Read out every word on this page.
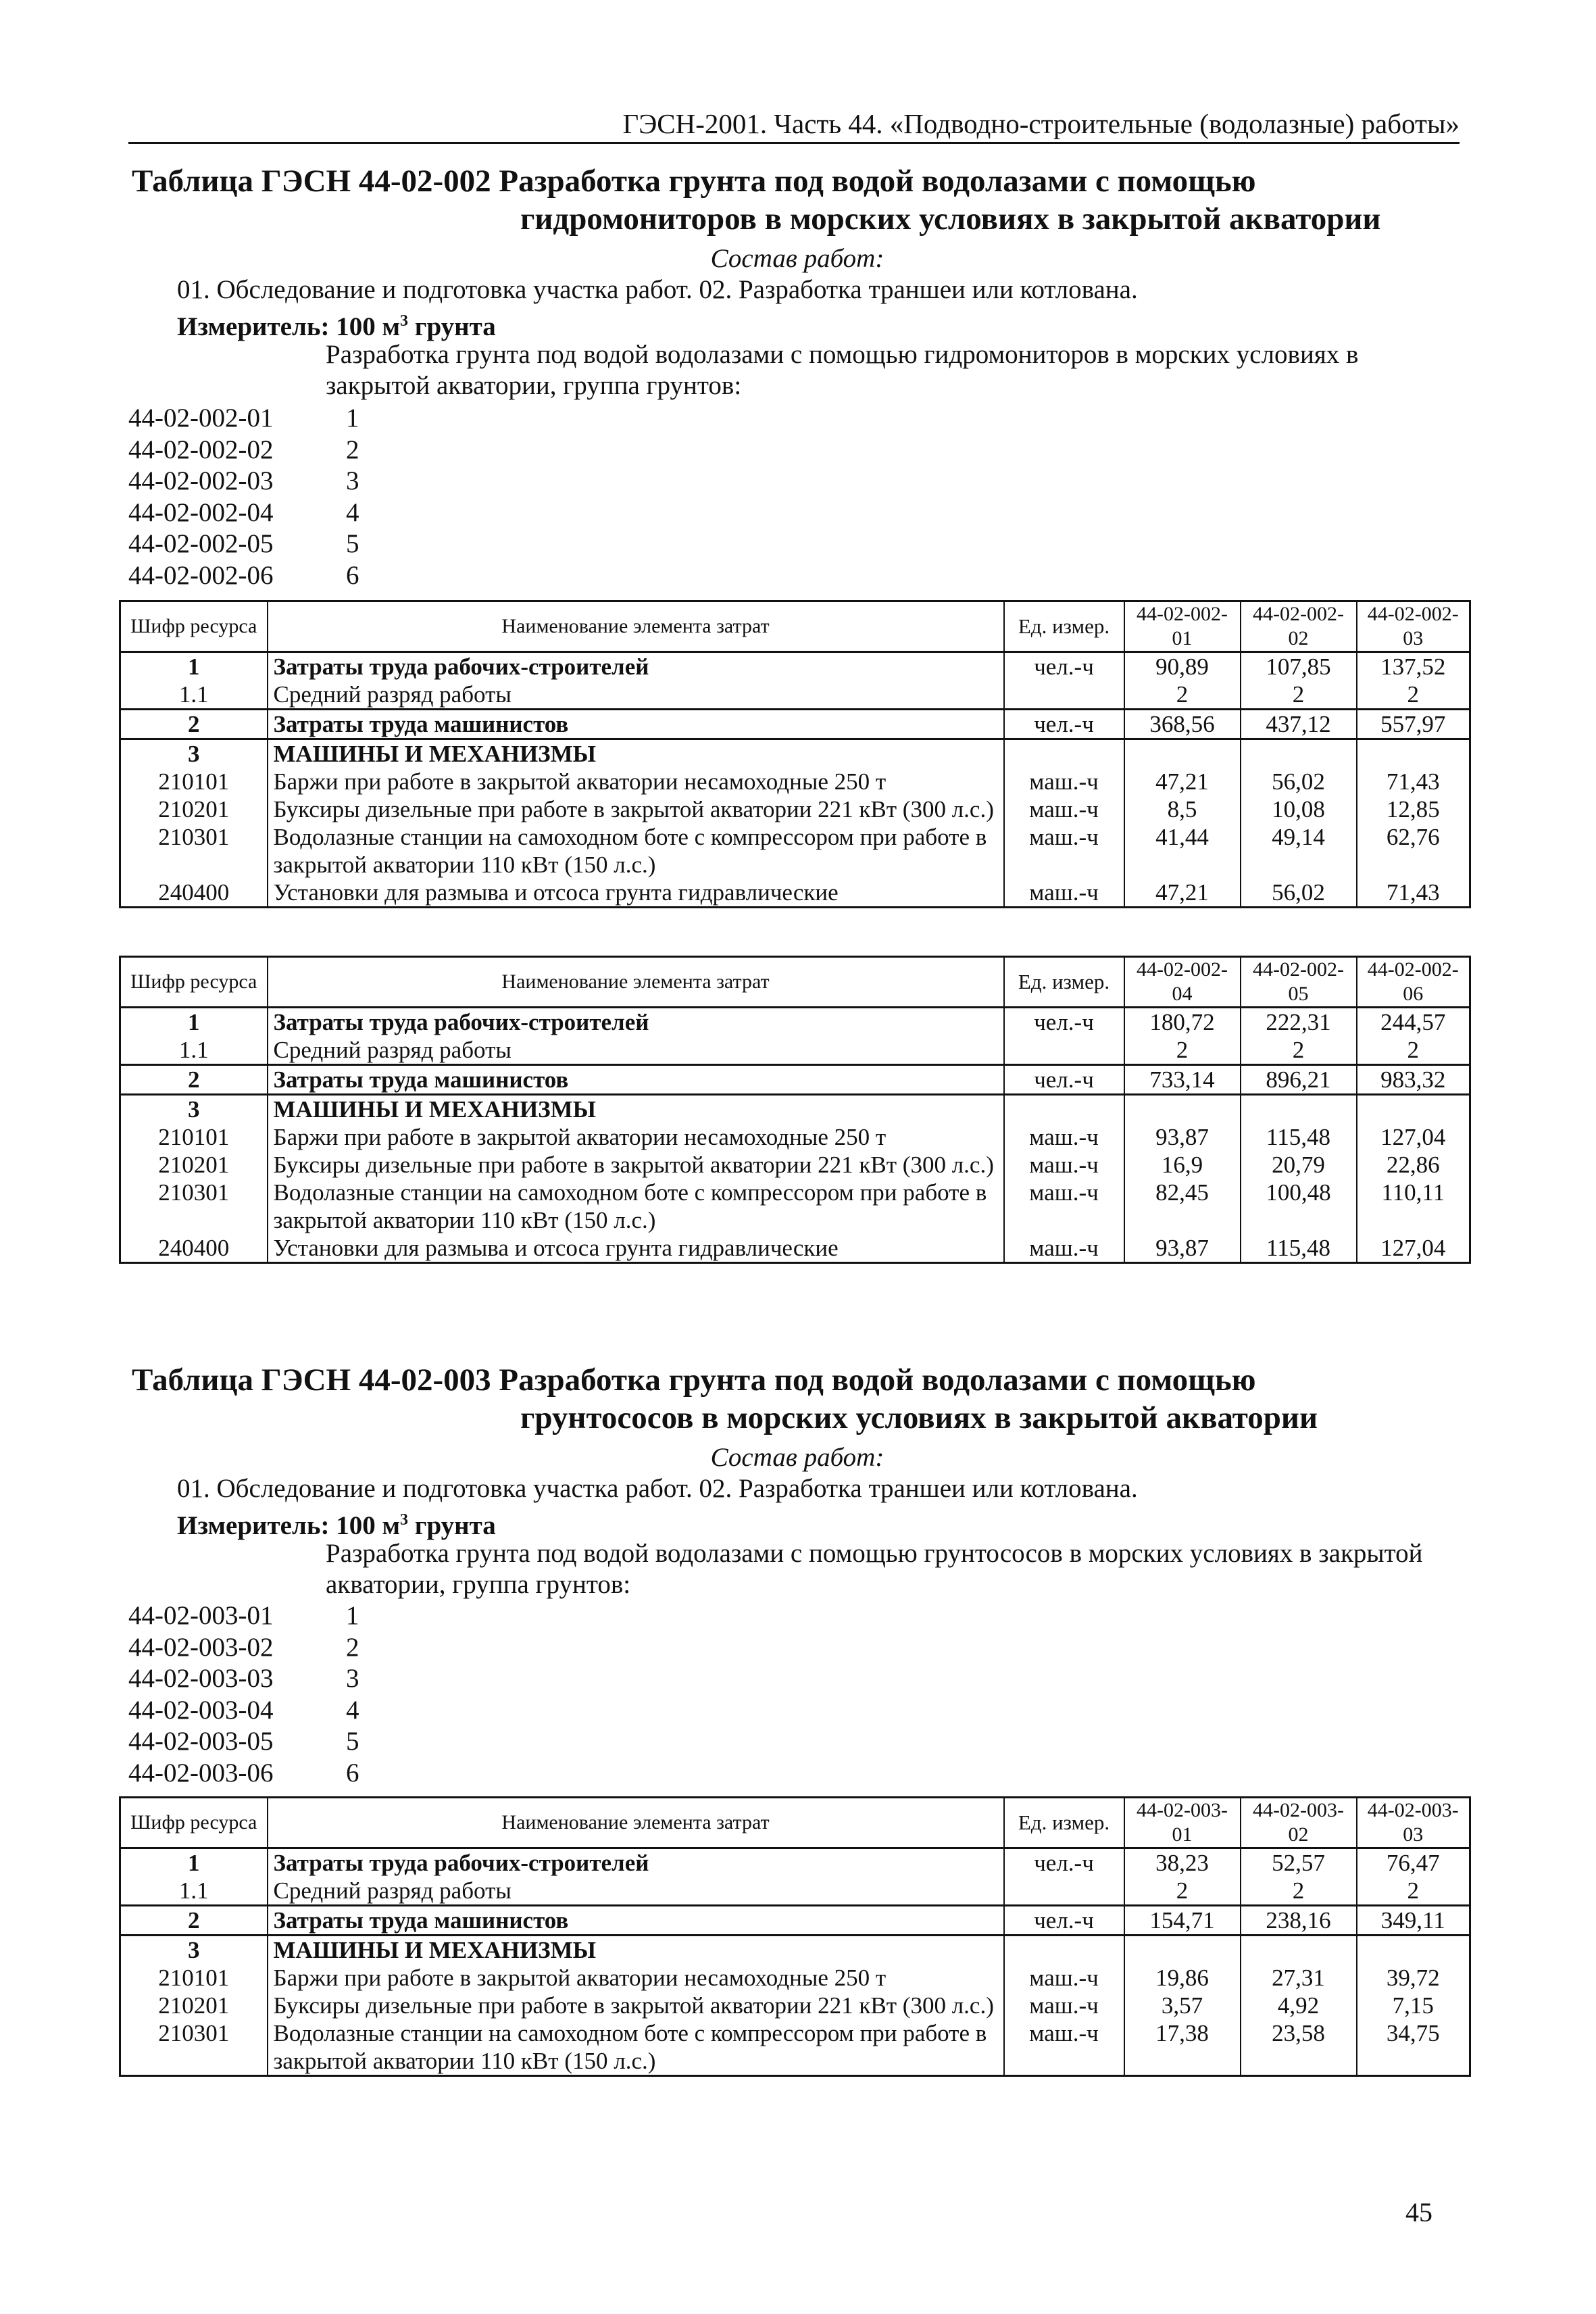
ГЭСН-2001. Часть 44. «Подводно-строительные (водолазные) работы»
Таблица ГЭСН 44-02-002 Разработка грунта под водой водолазами с помощью
гидромониторов в морских условиях в закрытой акватории
Состав работ:
01. Обследование и подготовка участка работ. 02. Разработка траншеи или котлована.
Измеритель: 100 $м^3$ грунта
Разработка грунта под водой водолазами с помощью гидромониторов в морских условиях в закрытой акватории, группа грунтов:
44-02-002-01	1
44-02-002-02	2
44-02-002-03	3
44-02-002-04	4
44-02-002-05	5
44-02-002-06	6
Шифр ресурса	Наименование элемента затрат	Ед. измер.	44-02-002-01	44-02-002-02	44-02-002-03
1	Затраты труда рабочих-строителей	чел.-ч	90,89	107,85	137,52
1.1	Средний разряд работы		2	2	2
2	Затраты труда машинистов	чел.-ч	368,56	437,12	557,97
3	МАШИНЫ И МЕХАНИЗМЫ				
210101	Баржи при работе в закрытой акватории несамоходные 250 т	маш.-ч	47,21	56,02	71,43
210201	Буксиры дизельные при работе в закрытой акватории 221 кВт (300 л.с.)	маш.-ч	8,5	10,08	12,85
210301	Водолазные станции на самоходном боте с компрессором при работе в закрытой акватории 110 кВт (150 л.с.)	маш.-ч	41,44	49,14	62,76
240400	Установки для размыва и отсоса грунта гидравлические	маш.-ч	47,21	56,02	71,43
Шифр ресурса	Наименование элемента затрат	Ед. измер.	44-02-002-04	44-02-002-05	44-02-002-06
1	Затраты труда рабочих-строителей	чел.-ч	180,72	222,31	244,57
1.1	Средний разряд работы		2	2	2
2	Затраты труда машинистов	чел.-ч	733,14	896,21	983,32
3	МАШИНЫ И МЕХАНИЗМЫ				
210101	Баржи при работе в закрытой акватории несамоходные 250 т	маш.-ч	93,87	115,48	127,04
210201	Буксиры дизельные при работе в закрытой акватории 221 кВт (300 л.с.)	маш.-ч	16,9	20,79	22,86
210301	Водолазные станции на самоходном боте с компрессором при работе в закрытой акватории 110 кВт (150 л.с.)	маш.-ч	82,45	100,48	110,11
240400	Установки для размыва и отсоса грунта гидравлические	маш.-ч	93,87	115,48	127,04
Таблица ГЭСН 44-02-003 Разработка грунта под водой водолазами с помощью
грунтососов в морских условиях в закрытой акватории
Состав работ:
01. Обследование и подготовка участка работ. 02. Разработка траншеи или котлована.
Измеритель: 100 $м^3$ грунта
Разработка грунта под водой водолазами с помощью грунтососов в морских условиях в закрытой акватории, группа грунтов:
44-02-003-01	1
44-02-003-02	2
44-02-003-03	3
44-02-003-04	4
44-02-003-05	5
44-02-003-06	6
Шифр ресурса	Наименование элемента затрат	Ед. измер.	44-02-003-01	44-02-003-02	44-02-003-03
1	Затраты труда рабочих-строителей	чел.-ч	38,23	52,57	76,47
1.1	Средний разряд работы		2	2	2
2	Затраты труда машинистов	чел.-ч	154,71	238,16	349,11
3	МАШИНЫ И МЕХАНИЗМЫ				
210101	Баржи при работе в закрытой акватории несамоходные 250 т	маш.-ч	19,86	27,31	39,72
210201	Буксиры дизельные при работе в закрытой акватории 221 кВт (300 л.с.)	маш.-ч	3,57	4,92	7,15
210301	Водолазные станции на самоходном боте с компрессором при работе в закрытой акватории 110 кВт (150 л.с.)	маш.-ч	17,38	23,58	34,75
45
